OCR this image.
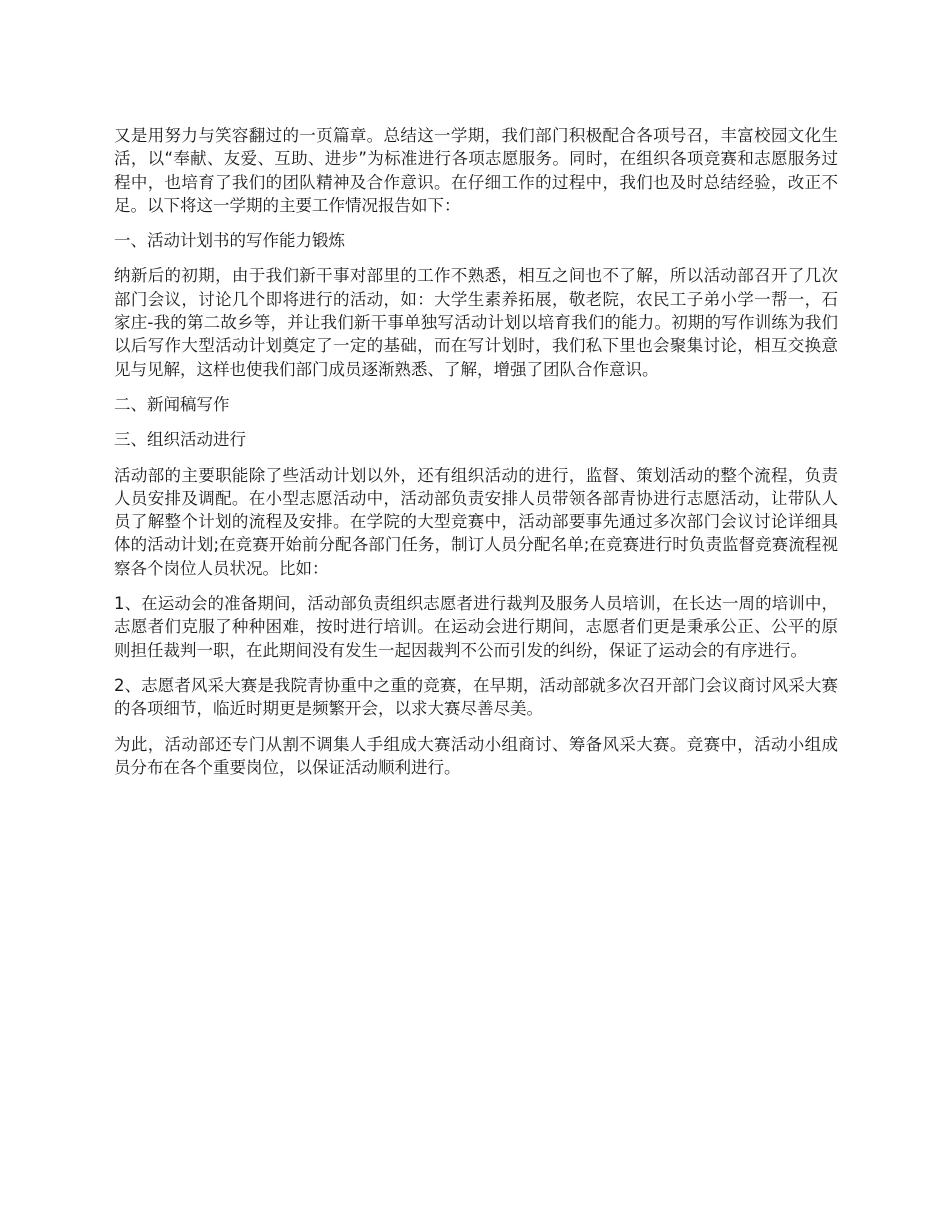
又是用努力与笑容翻过的一页篇章。总结这一学期，我们部门积极配合各项号召，丰富校园文化生活，以“奉献、友爱、互助、进步”为标准进行各项志愿服务。同时，在组织各项竞赛和志愿服务过程中，也培育了我们的团队精神及合作意识。在仔细工作的过程中，我们也及时总结经验，改正不足。以下将这一学期的主要工作情况报告如下：

一、活动计划书的写作能力锻炼

纳新后的初期，由于我们新干事对部里的工作不熟悉，相互之间也不了解，所以活动部召开了几次部门会议，讨论几个即将进行的活动，如：大学生素养拓展，敬老院，农民工子弟小学一帮一，石家庄-我的第二故乡等，并让我们新干事单独写活动计划以培育我们的能力。初期的写作训练为我们以后写作大型活动计划奠定了一定的基础，而在写计划时，我们私下里也会聚集讨论，相互交换意见与见解，这样也使我们部门成员逐渐熟悉、了解，增强了团队合作意识。

二、新闻稿写作

三、组织活动进行

活动部的主要职能除了些活动计划以外，还有组织活动的进行，监督、策划活动的整个流程，负责人员安排及调配。在小型志愿活动中，活动部负责安排人员带领各部青协进行志愿活动，让带队人员了解整个计划的流程及安排。在学院的大型竞赛中，活动部要事先通过多次部门会议讨论详细具体的活动计划;在竞赛开始前分配各部门任务，制订人员分配名单;在竞赛进行时负责监督竞赛流程视察各个岗位人员状况。比如：

1、在运动会的准备期间，活动部负责组织志愿者进行裁判及服务人员培训，在长达一周的培训中，志愿者们克服了种种困难，按时进行培训。在运动会进行期间，志愿者们更是秉承公正、公平的原则担任裁判一职，在此期间没有发生一起因裁判不公而引发的纠纷，保证了运动会的有序进行。

2、志愿者风采大赛是我院青协重中之重的竞赛，在早期，活动部就多次召开部门会议商讨风采大赛的各项细节，临近时期更是频繁开会，以求大赛尽善尽美。

为此，活动部还专门从割不调集人手组成大赛活动小组商讨、筹备风采大赛。竞赛中，活动小组成员分布在各个重要岗位，以保证活动顺利进行。
